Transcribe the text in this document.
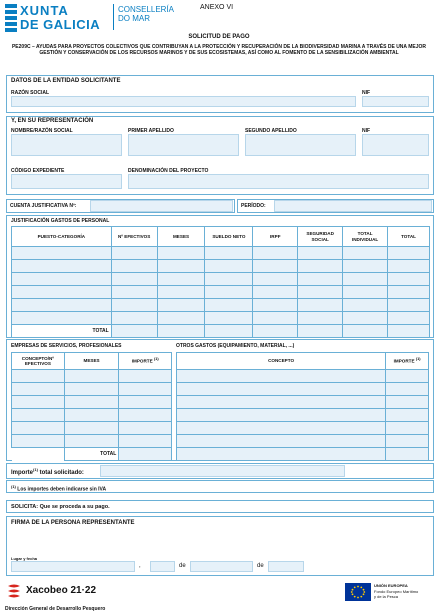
XUNTA
DE GALICIA
CONSELLERÍA
DO MAR
ANEXO VI
SOLICITUD DE PAGO
PE209C – AYUDAS PARA PROYECTOS COLECTIVOS QUE CONTRIBUYAN A LA PROTECCIÓN Y RECUPERACIÓN DE LA BIODIVERSIDAD MARINA A TRAVÉS DE UNA MEJOR GESTIÓN Y CONSERVACIÓN DE LOS RECURSOS MARINOS Y DE SUS ECOSISTEMAS, ASÍ COMO AL FOMENTO DE LA SENSIBILIZACIÓN AMBIENTAL
DATOS DE LA ENTIDAD SOLICITANTE
RAZÓN SOCIAL	NIF
Y, EN SU REPRESENTACIÓN
NOMBRE/RAZÓN SOCIAL	PRIMER APELLIDO	SEGUNDO APELLIDO	NIF
CÓDIGO EXPEDIENTE	DENOMINACIÓN DEL PROYECTO
CUENTA JUSTIFICATIVA Nº:	PERÍODO:
JUSTIFICACIÓN GASTOS DE PERSONAL
PUESTO-CATEGORÍA	Nº EFECTIVOS	MESES	SUELDO NETO	IRPF	SEGURIDAD SOCIAL	TOTAL INDIVIDUAL	TOTAL

TOTAL							
EMPRESAS DE SERVICIOS, PROFESIONALES	OTROS GASTOS (EQUIPAMIENTO, MATERIAL, ...)
CONCEPTO/Nº EFECTIVOS	MESES	IMPORTE $^{(1)}$

	TOTAL	
CONCEPTO	IMPORTE $^{(1)}$

Importe$^{(1)}$ total solicitado:
$^{(1)}$ Los importes deben indicarse sin IVA
SOLICITA: Que se proceda a su pago.
FIRMA DE LA PERSONA REPRESENTANTE
Lugar y fecha
,	de	de
Xacobeo 21·22	UNIÓN EUROPEA
Fondo Europeo Marítimo
y de la Pesca
Dirección General de Desarrollo Pesquero
